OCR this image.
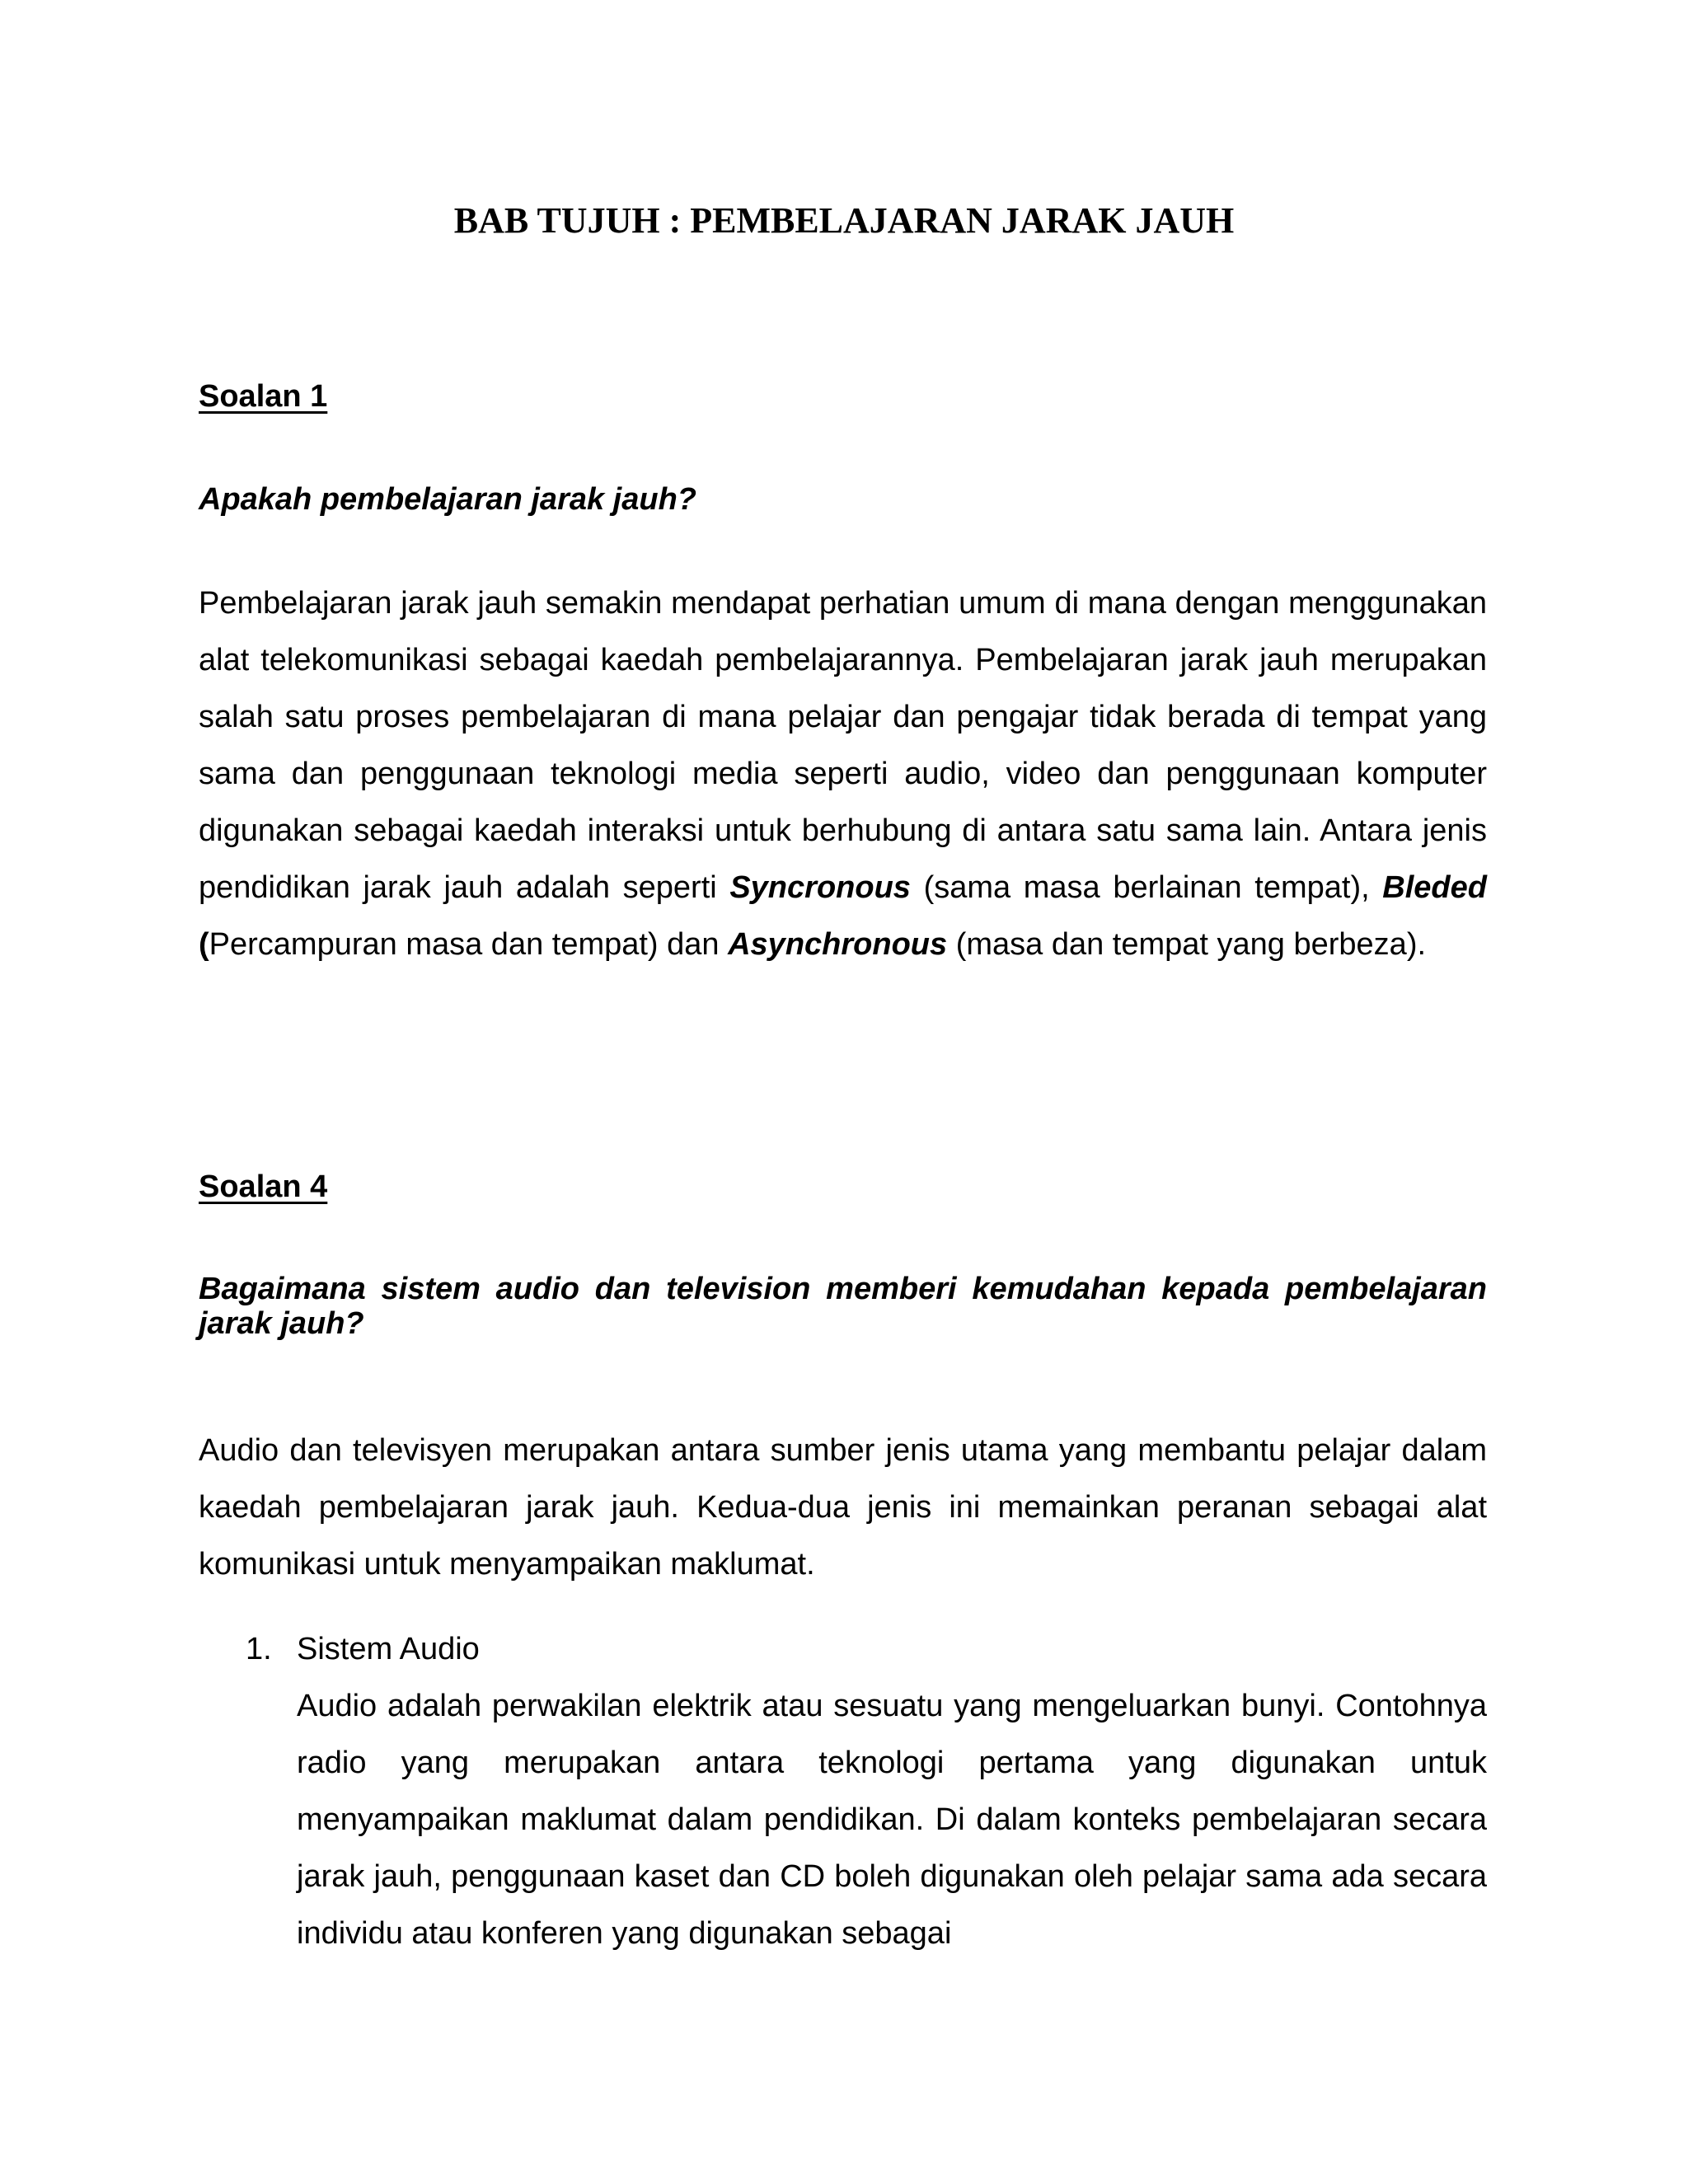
BAB TUJUH : PEMBELAJARAN JARAK JAUH
Soalan 1

Apakah pembelajaran jarak jauh?

Pembelajaran jarak jauh semakin mendapat perhatian umum di mana dengan menggunakan alat telekomunikasi sebagai kaedah pembelajarannya. Pembelajaran jarak jauh merupakan salah satu proses pembelajaran di mana pelajar dan pengajar tidak berada di tempat yang sama dan penggunaan teknologi media seperti audio, video dan penggunaan komputer digunakan sebagai kaedah interaksi untuk berhubung di antara satu sama lain. Antara jenis pendidikan jarak jauh adalah seperti Syncronous (sama masa berlainan tempat), Bleded (Percampuran masa dan tempat) dan Asynchronous (masa dan tempat yang berbeza).

Soalan 4

Bagaimana sistem audio dan television memberi kemudahan kepada pembelajaran jarak jauh?

Audio dan televisyen merupakan antara sumber jenis utama yang membantu pelajar dalam kaedah pembelajaran jarak jauh. Kedua-dua jenis ini memainkan peranan sebagai alat komunikasi untuk menyampaikan maklumat.

1. Sistem Audio
Audio adalah perwakilan elektrik atau sesuatu yang mengeluarkan bunyi. Contohnya radio yang merupakan antara teknologi pertama yang digunakan untuk menyampaikan maklumat dalam pendidikan. Di dalam konteks pembelajaran secara jarak jauh, penggunaan kaset dan CD boleh digunakan oleh pelajar sama ada secara individu atau konferen yang digunakan sebagai
